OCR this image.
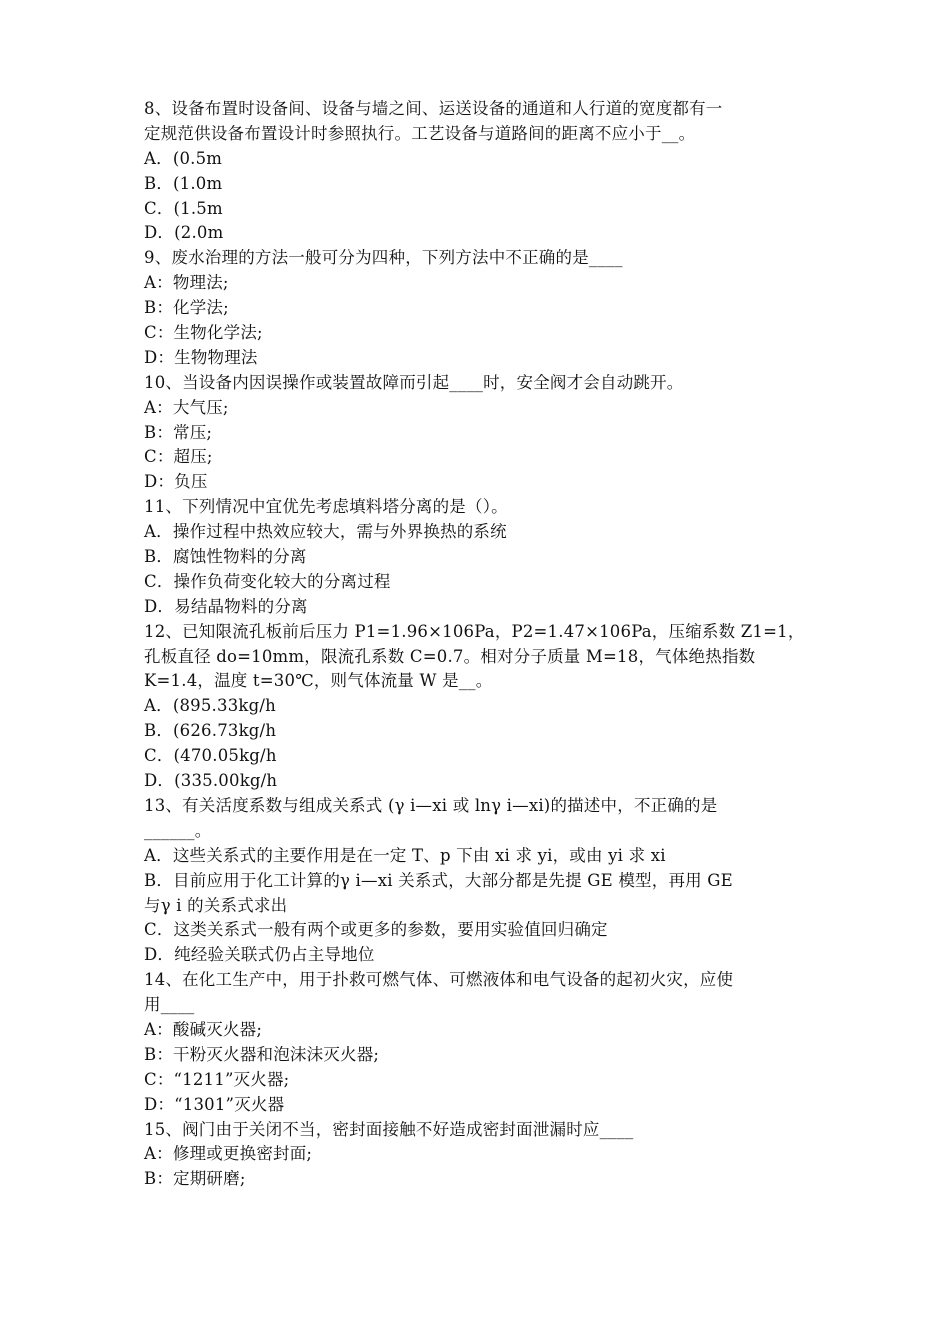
8、设备布置时设备间、设备与墙之间、运送设备的通道和人行道的宽度都有一
定规范供设备布置设计时参照执行。工艺设备与道路间的距离不应小于__。
A．(0.5m
B．(1.0m
C．(1.5m
D．(2.0m
9、废水治理的方法一般可分为四种，下列方法中不正确的是____
A：物理法;
B：化学法;
C：生物化学法;
D：生物物理法
10、当设备内因误操作或装置故障而引起____时，安全阀才会自动跳开。
A：大气压;
B：常压;
C：超压;
D：负压
11、下列情况中宜优先考虑填料塔分离的是（）。
A．操作过程中热效应较大，需与外界换热的系统
B．腐蚀性物料的分离
C．操作负荷变化较大的分离过程
D．易结晶物料的分离
12、已知限流孔板前后压力 P1=1.96×106Pa，P2=1.47×106Pa，压缩系数 Z1=1，
孔板直径 do=10mm，限流孔系数 C=0.7。相对分子质量 M=18，气体绝热指数
K=1.4，温度 t=30℃，则气体流量 W 是__。
A．(895.33kg/h
B．(626.73kg/h
C．(470.05kg/h
D．(335.00kg/h
13、有关活度系数与组成关系式 (γ i—xi 或 lnγ i—xi)的描述中，不正确的是
______。
A．这些关系式的主要作用是在一定 T、p 下由 xi 求 yi，或由 yi 求 xi
B．目前应用于化工计算的γ i—xi 关系式，大部分都是先提 GE 模型，再用 GE
与γ i 的关系式求出
C．这类关系式一般有两个或更多的参数，要用实验值回归确定
D．纯经验关联式仍占主导地位
14、在化工生产中，用于扑救可燃气体、可燃液体和电气设备的起初火灾，应使
用____
A：酸碱灭火器;
B：干粉灭火器和泡沫沫灭火器;
C：“1211”灭火器;
D：“1301”灭火器
15、阀门由于关闭不当，密封面接触不好造成密封面泄漏时应____
A：修理或更换密封面;
B：定期研磨;
